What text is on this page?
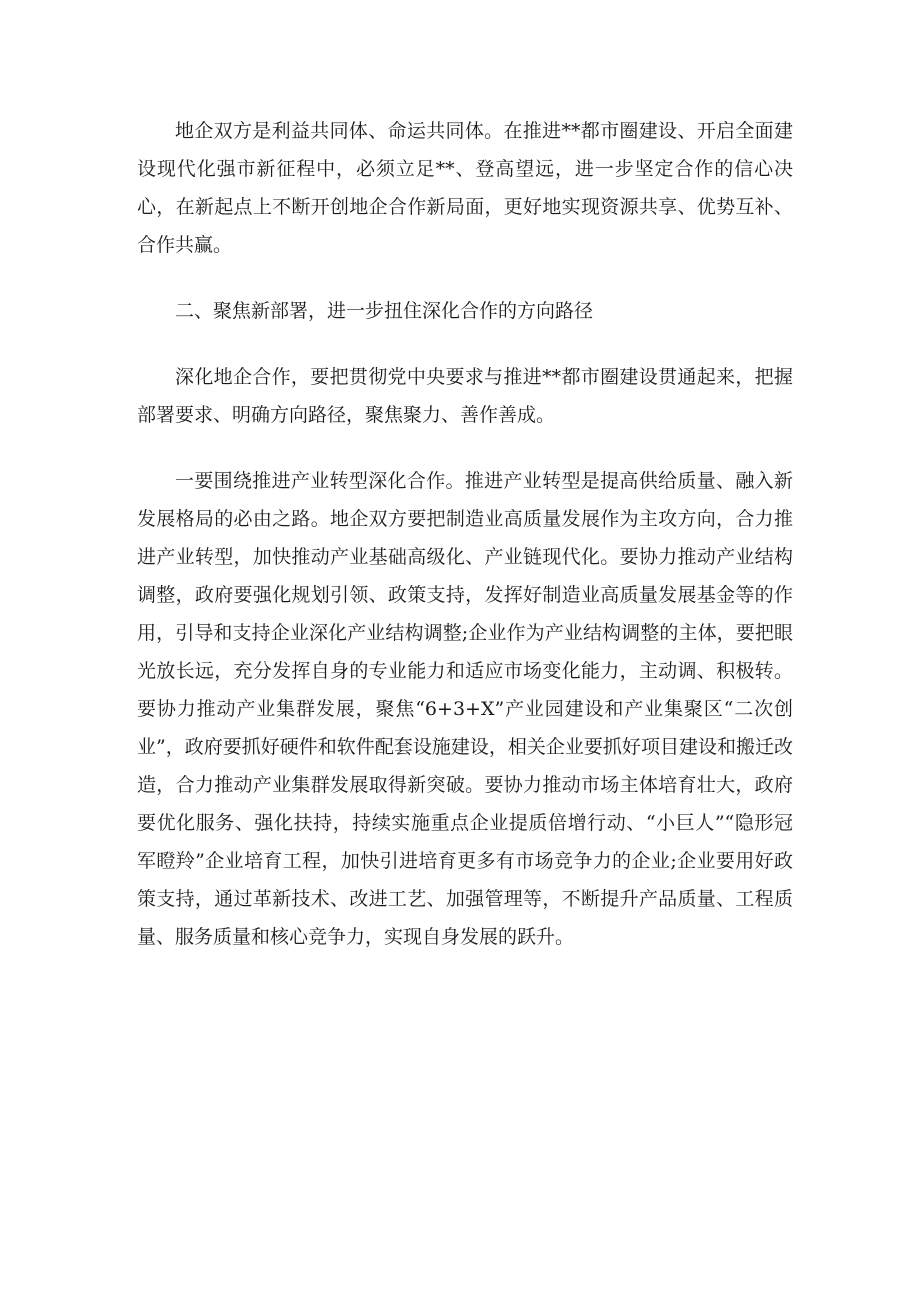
地企双方是利益共同体、命运共同体。在推进**都市圈建设、开启全面建设现代化强市新征程中，必须立足**、登高望远，进一步坚定合作的信心决心，在新起点上不断开创地企合作新局面，更好地实现资源共享、优势互补、合作共赢。

二、聚焦新部署，进一步扭住深化合作的方向路径

深化地企合作，要把贯彻党中央要求与推进**都市圈建设贯通起来，把握部署要求、明确方向路径，聚焦聚力、善作善成。

一要围绕推进产业转型深化合作。推进产业转型是提高供给质量、融入新发展格局的必由之路。地企双方要把制造业高质量发展作为主攻方向，合力推进产业转型，加快推动产业基础高级化、产业链现代化。要协力推动产业结构调整，政府要强化规划引领、政策支持，发挥好制造业高质量发展基金等的作用，引导和支持企业深化产业结构调整;企业作为产业结构调整的主体，要把眼光放长远，充分发挥自身的专业能力和适应市场变化能力，主动调、积极转。要协力推动产业集群发展，聚焦“6+3+X”产业园建设和产业集聚区“二次创业”，政府要抓好硬件和软件配套设施建设，相关企业要抓好项目建设和搬迁改造，合力推动产业集群发展取得新突破。要协力推动市场主体培育壮大，政府要优化服务、强化扶持，持续实施重点企业提质倍增行动、“小巨人”“隐形冠军瞪羚”企业培育工程，加快引进培育更多有市场竞争力的企业;企业要用好政策支持，通过革新技术、改进工艺、加强管理等，不断提升产品质量、工程质量、服务质量和核心竞争力，实现自身发展的跃升。
